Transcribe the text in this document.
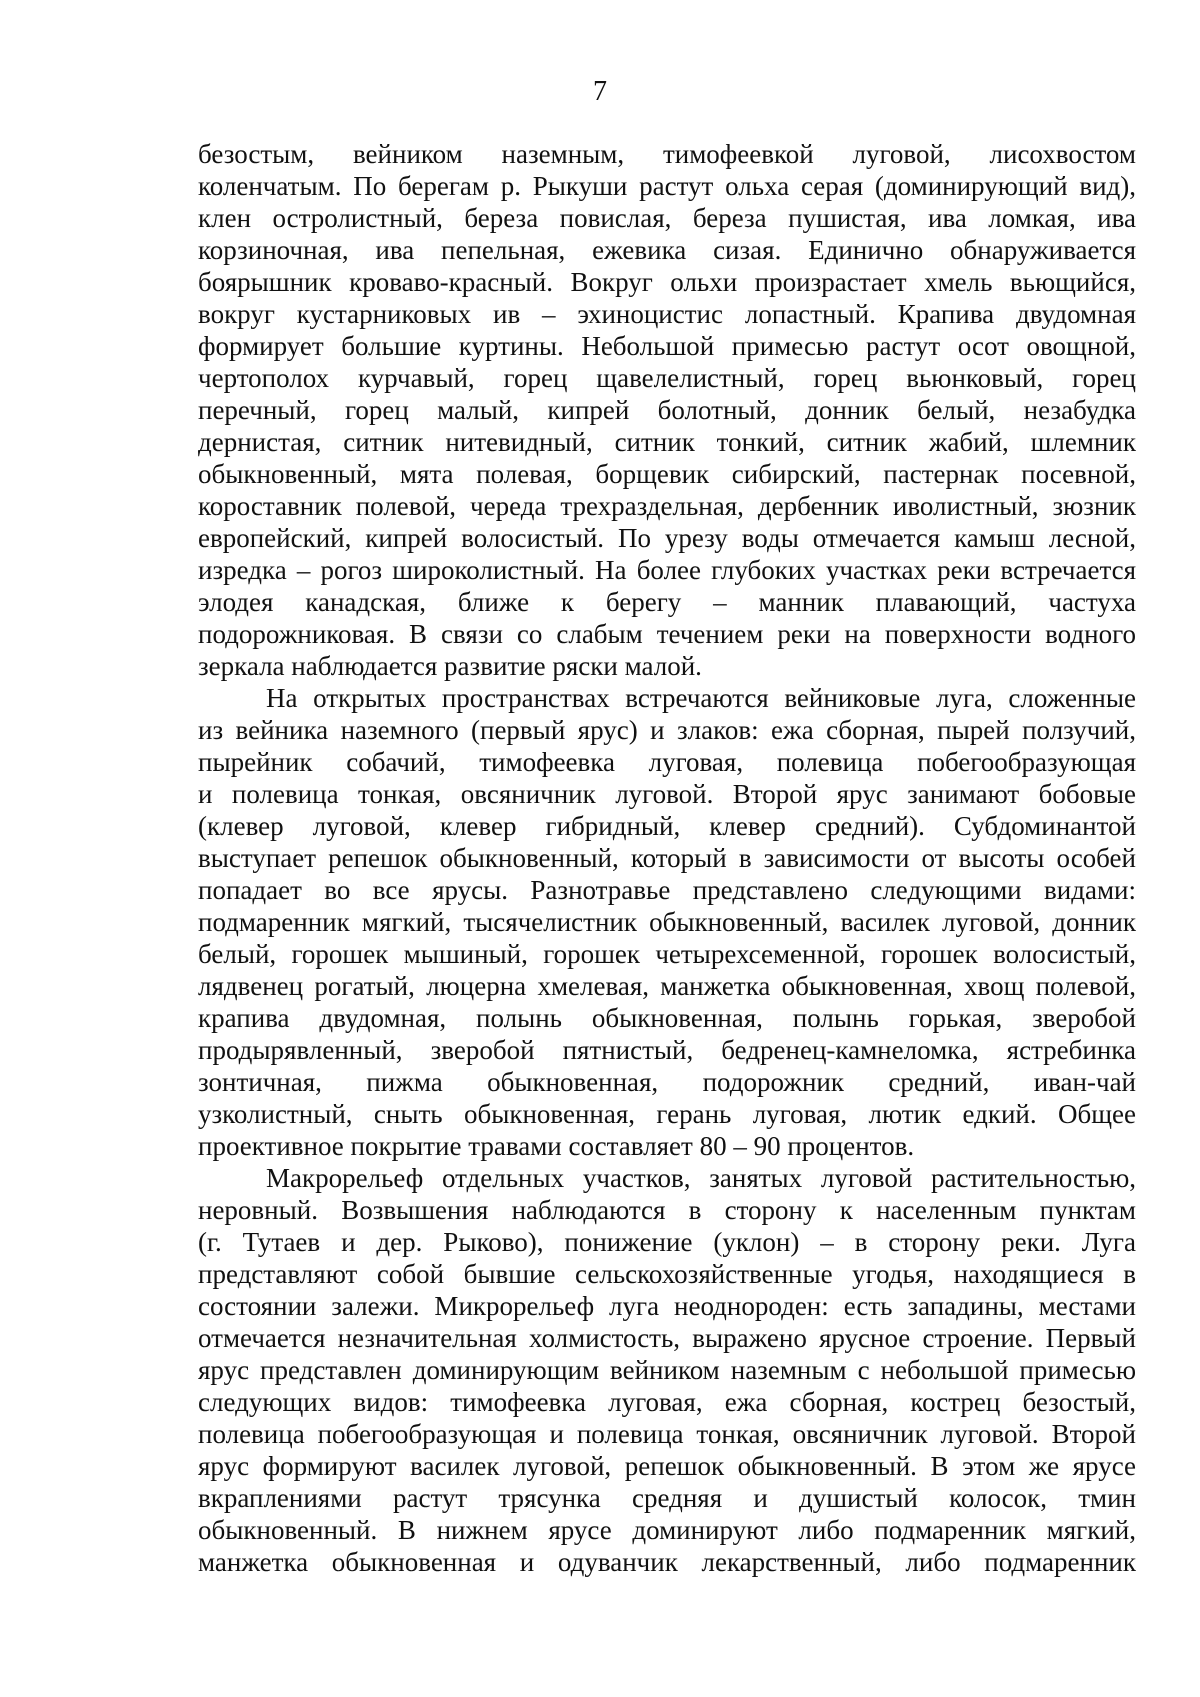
7
безостым, вейником наземным, тимофеевкой луговой, лисохвостом
коленчатым. По берегам р. Рыкуши растут ольха серая (доминирующий вид),
клен остролистный, береза повислая, береза пушистая, ива ломкая, ива
корзиночная, ива пепельная, ежевика сизая. Единично обнаруживается
боярышник кроваво-красный. Вокруг ольхи произрастает хмель вьющийся,
вокруг кустарниковых ив – эхиноцистис лопастный. Крапива двудомная
формирует большие куртины. Небольшой примесью растут осот овощной,
чертополох курчавый, горец щавелелистный, горец вьюнковый, горец
перечный, горец малый, кипрей болотный, донник белый, незабудка
дернистая, ситник нитевидный, ситник тонкий, ситник жабий, шлемник
обыкновенный, мята полевая, борщевик сибирский, пастернак посевной,
короставник полевой, череда трехраздельная, дербенник иволистный, зюзник
европейский, кипрей волосистый. По урезу воды отмечается камыш лесной,
изредка – рогоз широколистный. На более глубоких участках реки встречается
элодея канадская, ближе к берегу – манник плавающий, частуха
подорожниковая. В связи со слабым течением реки на поверхности водного
зеркала наблюдается развитие ряски малой.
На открытых пространствах встречаются вейниковые луга, сложенные
из вейника наземного (первый ярус) и злаков: ежа сборная, пырей ползучий,
пырейник собачий, тимофеевка луговая, полевица побегообразующая
и полевица тонкая, овсяничник луговой. Второй ярус занимают бобовые
(клевер луговой, клевер гибридный, клевер средний). Субдоминантой
выступает репешок обыкновенный, который в зависимости от высоты особей
попадает во все ярусы. Разнотравье представлено следующими видами:
подмаренник мягкий, тысячелистник обыкновенный, василек луговой, донник
белый, горошек мышиный, горошек четырехсеменной, горошек волосистый,
лядвенец рогатый, люцерна хмелевая, манжетка обыкновенная, хвощ полевой,
крапива двудомная, полынь обыкновенная, полынь горькая, зверобой
продырявленный, зверобой пятнистый, бедренец-камнеломка, ястребинка
зонтичная, пижма обыкновенная, подорожник средний, иван-чай
узколистный, сныть обыкновенная, герань луговая, лютик едкий. Общее
проективное покрытие травами составляет 80 – 90 процентов.
Макрорельеф отдельных участков, занятых луговой растительностью,
неровный. Возвышения наблюдаются в сторону к населенным пунктам
(г. Тутаев и дер. Рыково), понижение (уклон) – в сторону реки. Луга
представляют собой бывшие сельскохозяйственные угодья, находящиеся в
состоянии залежи. Микрорельеф луга неоднороден: есть западины, местами
отмечается незначительная холмистость, выражено ярусное строение. Первый
ярус представлен доминирующим вейником наземным с небольшой примесью
следующих видов: тимофеевка луговая, ежа сборная, кострец безостый,
полевица побегообразующая и полевица тонкая, овсяничник луговой. Второй
ярус формируют василек луговой, репешок обыкновенный. В этом же ярусе
вкраплениями растут трясунка средняя и душистый колосок, тмин
обыкновенный. В нижнем ярусе доминируют либо подмаренник мягкий,
манжетка обыкновенная и одуванчик лекарственный, либо подмаренник
